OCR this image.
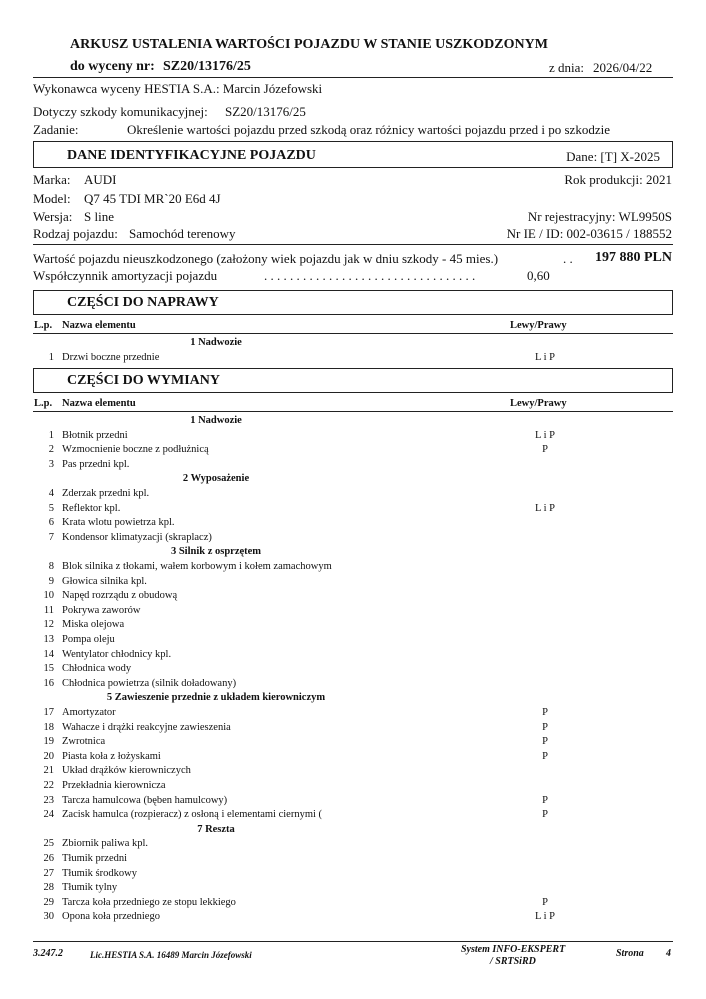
ARKUSZ USTALENIA WARTOŚCI POJAZDU W STANIE USZKODZONYM
do wyceny nr: SZ20/13176/25	z dnia: 2026/04/22
Wykonawca wyceny HESTIA S.A.: Marcin Józefowski
Dotyczy szkody komunikacyjnej: SZ20/13176/25
Zadanie:	Określenie wartości pojazdu przed szkodą oraz różnicy wartości pojazdu przed i po szkodzie
DANE IDENTYFIKACYJNE POJAZDU	Dane: [T] X-2025
Marka: AUDI	Rok produkcji: 2021
Model: Q7 45 TDI MR`20 E6d 4J
Wersja: S line	Nr rejestracyjny: WL9950S
Rodzaj pojazdu: Samochód terenowy	Nr IE / ID: 002-03615 / 188552
Wartość pojazdu nieuszkodzonego (założony wiek pojazdu jak w dniu szkody - 45 mies.)	. . 197 880 PLN
Współczynnik amortyzacji pojazdu	. . . . . . . . . . . . . . . . . . . . . . . . . . . . . . . . .	0,60
CZĘŚCI DO NAPRAWY
L.p. Nazwa elementu	Lewy/Prawy
1 Nadwozie
1 Drzwi boczne przednie	L i P
CZĘŚCI DO WYMIANY
L.p. Nazwa elementu	Lewy/Prawy
1 Nadwozie
1 Błotnik przedni	L i P
2 Wzmocnienie boczne z podłużnicą	P
3 Pas przedni kpl.
2 Wyposażenie
4 Zderzak przedni kpl.
5 Reflektor kpl.	L i P
6 Krata wlotu powietrza kpl.
7 Kondensor klimatyzacji (skraplacz)
3 Silnik z osprzętem
8 Blok silnika z tłokami, wałem korbowym i kołem zamachowym
9 Głowica silnika kpl.
10 Napęd rozrządu z obudową
11 Pokrywa zaworów
12 Miska olejowa
13 Pompa oleju
14 Wentylator chłodnicy kpl.
15 Chłodnica wody
16 Chłodnica powietrza (silnik doładowany)
5 Zawieszenie przednie z układem kierowniczym
17 Amortyzator	P
18 Wahacze i drążki reakcyjne zawieszenia	P
19 Zwrotnica	P
20 Piasta koła z łożyskami	P
21 Układ drążków kierowniczych
22 Przekładnia kierownicza
23 Tarcza hamulcowa (bęben hamulcowy)	P
24 Zacisk hamulca (rozpieracz) z osłoną i elementami ciernymi (	P
7 Reszta
25 Zbiornik paliwa kpl.
26 Tłumik przedni
27 Tłumik środkowy
28 Tłumik tylny
29 Tarcza koła przedniego ze stopu lekkiego	P
30 Opona koła przedniego	L i P
3.247.2	Lic.HESTIA S.A. 16489 Marcin Józefowski	System INFO-EKSPERT
/ SRTSiRD
Strona 4
